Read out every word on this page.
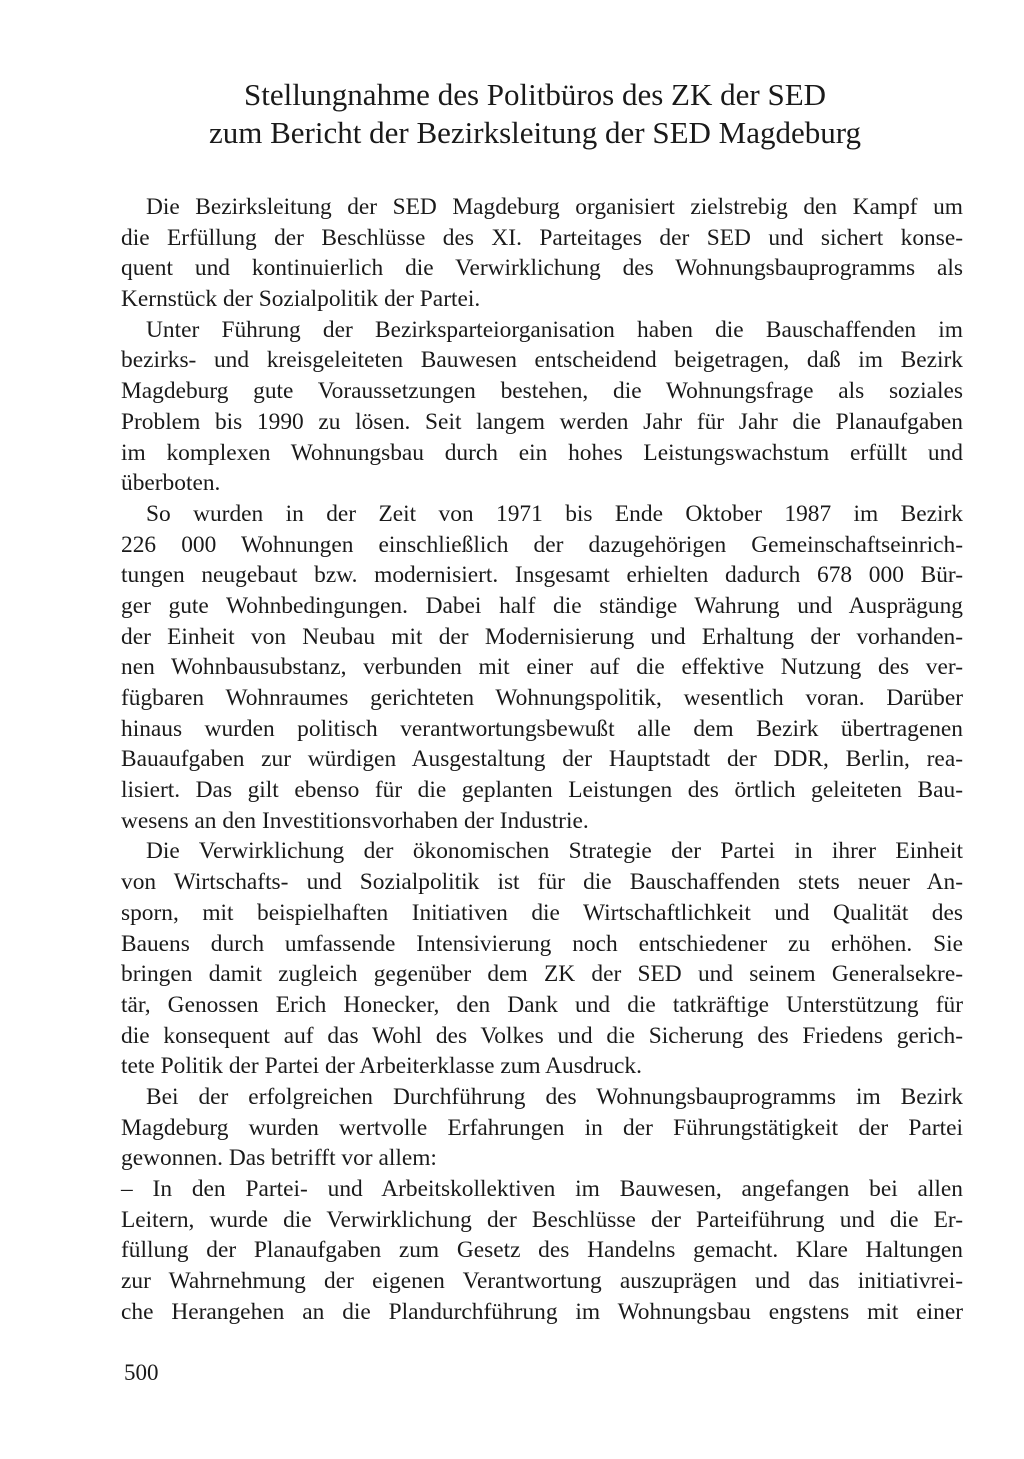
Stellungnahme des Politbüros des ZK der SED
zum Bericht der Bezirksleitung der SED Magdeburg
Die Bezirksleitung der SED Magdeburg organisiert zielstrebig den Kampf um
die Erfüllung der Beschlüsse des XI. Parteitages der SED und sichert konse-
quent und kontinuierlich die Verwirklichung des Wohnungsbauprogramms als
Kernstück der Sozialpolitik der Partei.
Unter Führung der Bezirksparteiorganisation haben die Bauschaffenden im
bezirks- und kreisgeleiteten Bauwesen entscheidend beigetragen, daß im Bezirk
Magdeburg gute Voraussetzungen bestehen, die Wohnungsfrage als soziales
Problem bis 1990 zu lösen. Seit langem werden Jahr für Jahr die Planaufgaben
im komplexen Wohnungsbau durch ein hohes Leistungswachstum erfüllt und
überboten.
So wurden in der Zeit von 1971 bis Ende Oktober 1987 im Bezirk
226 000 Wohnungen einschließlich der dazugehörigen Gemeinschaftseinrich-
tungen neugebaut bzw. modernisiert. Insgesamt erhielten dadurch 678 000 Bür-
ger gute Wohnbedingungen. Dabei half die ständige Wahrung und Ausprägung
der Einheit von Neubau mit der Modernisierung und Erhaltung der vorhanden-
nen Wohnbausubstanz, verbunden mit einer auf die effektive Nutzung des ver-
fügbaren Wohnraumes gerichteten Wohnungspolitik, wesentlich voran. Darüber
hinaus wurden politisch verantwortungsbewußt alle dem Bezirk übertragenen
Bauaufgaben zur würdigen Ausgestaltung der Hauptstadt der DDR, Berlin, rea-
lisiert. Das gilt ebenso für die geplanten Leistungen des örtlich geleiteten Bau-
wesens an den Investitionsvorhaben der Industrie.
Die Verwirklichung der ökonomischen Strategie der Partei in ihrer Einheit
von Wirtschafts- und Sozialpolitik ist für die Bauschaffenden stets neuer An-
sporn, mit beispielhaften Initiativen die Wirtschaftlichkeit und Qualität des
Bauens durch umfassende Intensivierung noch entschiedener zu erhöhen. Sie
bringen damit zugleich gegenüber dem ZK der SED und seinem Generalsekre-
tär, Genossen Erich Honecker, den Dank und die tatkräftige Unterstützung für
die konsequent auf das Wohl des Volkes und die Sicherung des Friedens gerich-
tete Politik der Partei der Arbeiterklasse zum Ausdruck.
Bei der erfolgreichen Durchführung des Wohnungsbauprogramms im Bezirk
Magdeburg wurden wertvolle Erfahrungen in der Führungstätigkeit der Partei
gewonnen. Das betrifft vor allem:
– In den Partei- und Arbeitskollektiven im Bauwesen, angefangen bei allen
Leitern, wurde die Verwirklichung der Beschlüsse der Parteiführung und die Er-
füllung der Planaufgaben zum Gesetz des Handelns gemacht. Klare Haltungen
zur Wahrnehmung der eigenen Verantwortung auszuprägen und das initiativrei-
che Herangehen an die Plandurchführung im Wohnungsbau engstens mit einer
500
